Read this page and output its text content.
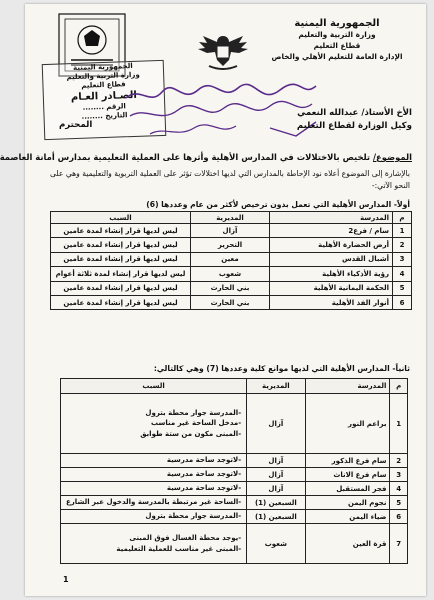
الجمهورية اليمنية
وزارة التربية والتعليم
قطاع التعليم
الإدارة العامة للتعليم الأهلي والخاص
الجمهورية اليمنية
وزارة التربية والتعليم
قطاع التعليم
الصـادر العـام
الرقم ........
التاريخ ........	الأخ الأستاذ/ عبدالله النعمي
وكيل الوزارة لقطاع التعليم
المحترم
الموضوع/ تلخيص بالاختلالات في المدارس الأهلية وأثرها على العملية التعليمية بمدارس أمانة العاصمة
بالإشارة إلى الموضوع أعلاه نود الإحاطة بالمدارس التي لديها اختلالات تؤثر على العملية التربوية والتعليمية وهي على النحو الآتي:-
أولاً- المدارس الأهلية التي تعمل بدون ترخيص لأكثر من عام وعددها (6)
م	المدرسة	المديرية	السبب
1	سام / فرع2	آزال	ليس لديها قرار إنشاء لمدة عامين
2	أرض الحضارة الأهلية	التحرير	ليس لديها قرار إنشاء لمدة عامين
3	أشبال القدس	معين	ليس لديها قرار إنشاء لمدة عامين
4	رؤية الأذكياء الأهلية	شعوب	ليس لديها قرار إنشاء لمدة ثلاثة أعوام
5	الحكمة اليمانية الأهلية	بني الحارث	ليس لديها قرار إنشاء لمدة عامين
6	أنوار الفذ الأهلية	بني الحارث	ليس لديها قرار إنشاء لمدة عامين
ثانياً- المدارس الأهلية التي لديها موانع كلية وعددها (7) وهي كالتالي:
م	المدرسة	المديرية	السبب
1	براعم النور	آزال	-المدرسة جوار محطة بترول
-مدخل الساحة غير مناسب
-المبنى مكون من ستة طوابق

2	سام فرع الذكور	آزال	-لاتوجد ساحة مدرسية

3	سام فرع الاناث	آزال	-لاتوجد ساحة مدرسية

4	فجر المستقبل	آزال	-لاتوجد ساحة مدرسية

5	نجوم اليمن	السبعين (1)	-الساحة غير مرتبطة بالمدرسة والدخول عبر الشارع

6	ضياء اليمن	السبعين (1)	-المدرسة جوار محطة بترول

7	قرة العين	شعوب	-يوجد محطة الغسال فوق المبنى
-المبنى غير مناسب للعملية التعليمية
1
